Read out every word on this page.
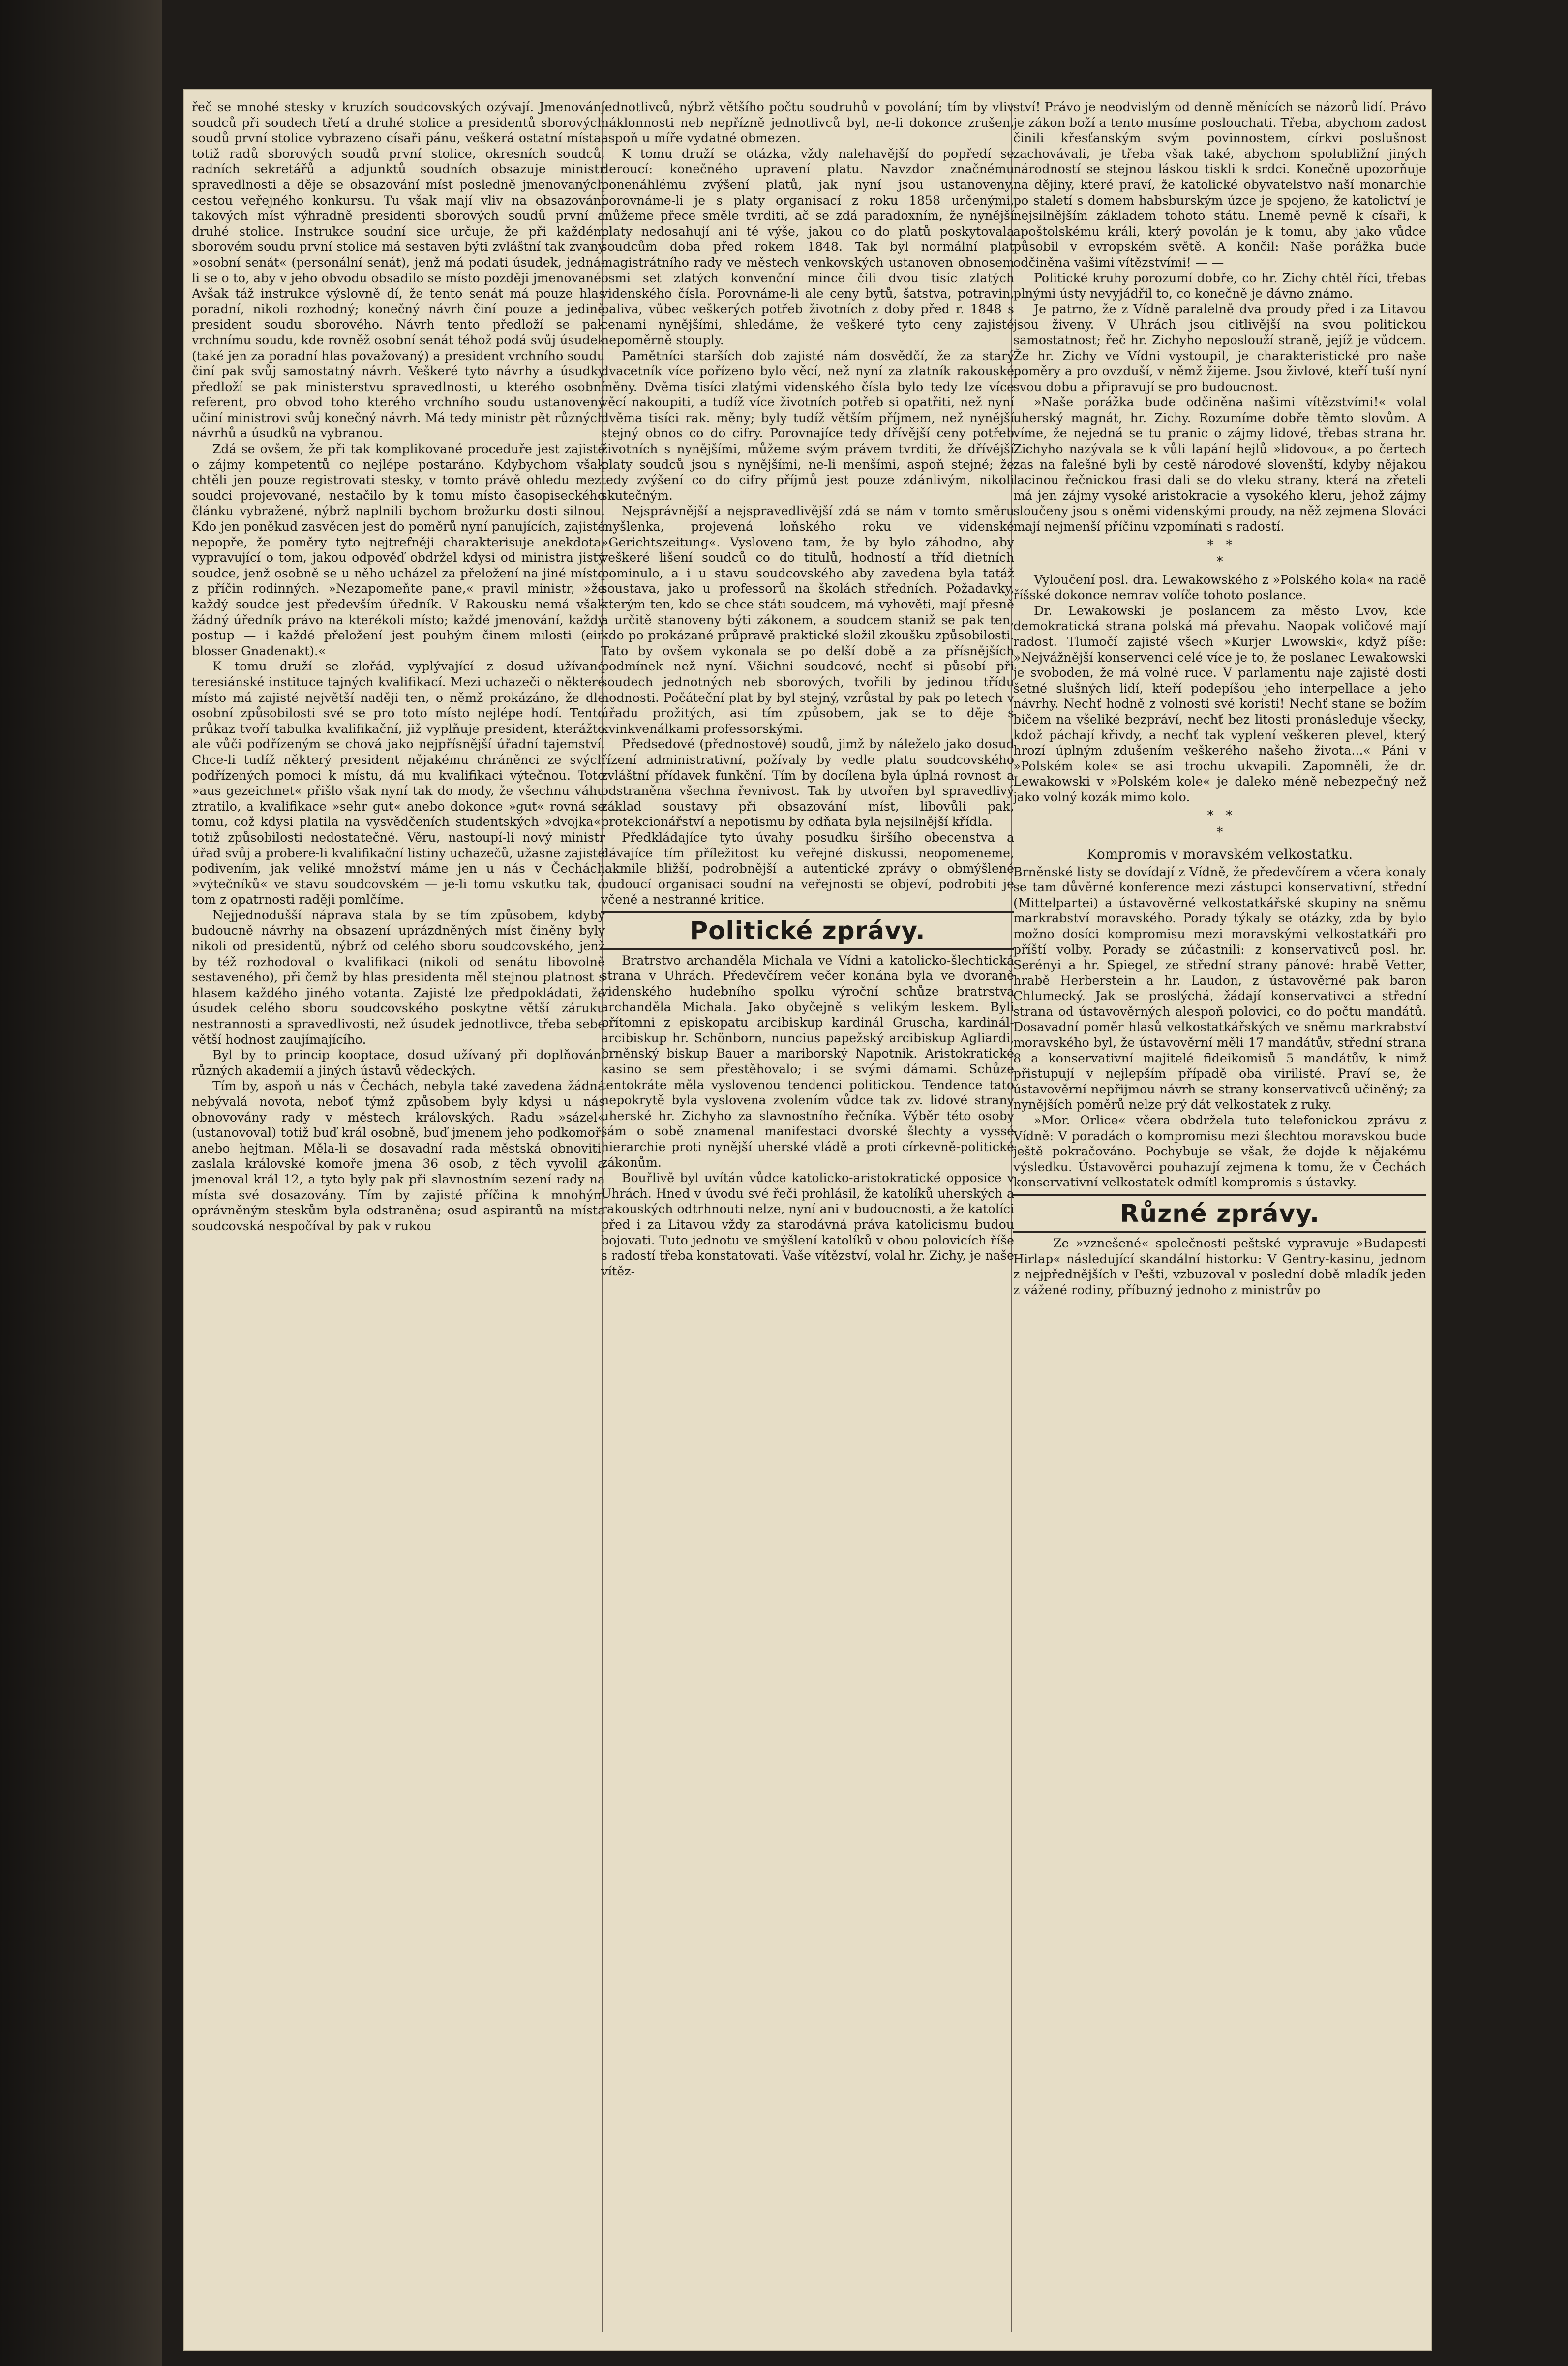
řeč se mnohé stesky v kruzích soudcovských ozývají. Jmenování soudců při soudech třetí a druhé stolice a presidentů sborových soudů první stolice vybrazeno císaři pánu, veškerá ostatní místa, totiž radů sborových soudů první stolice, okresních soudců, radních sekretářů a adjunktů soudních obsazuje ministr spravedlnosti a děje se obsazování míst posledně jmenovaných cestou veřejného konkursu. Tu však mají vliv na obsazování takových míst výhradně presidenti sborových soudů první a druhé stolice. Instrukce soudní sice určuje, že při každém sborovém soudu první stolice má sestaven býti zvláštní tak zvaný »osobní senát« (personální senát), jenž má podati úsudek, jedná-li se o to, aby v jeho obvodu obsadilo se místo později jmenované. Avšak táž instrukce výslovně dí, že tento senát má pouze hlas poradní, nikoli rozhodný; konečný návrh činí pouze a jedině president soudu sborového. Návrh tento předloží se pak vrchnímu soudu, kde rovněž osobní senát téhož podá svůj úsudek (také jen za poradní hlas považovaný) a president vrchního soudu činí pak svůj samostatný návrh. Veškeré tyto návrhy a úsudky předloží se pak ministerstvu spravedlnosti, u kterého osobní referent, pro obvod toho kterého vrchního soudu ustanovený učiní ministrovi svůj konečný návrh. Má tedy ministr pět různých návrhů a úsudků na vybranou.

Zdá se ovšem, že při tak komplikované proceduře jest zajisté o zájmy kompetentů co nejlépe postaráno. Kdybychom však chtěli jen pouze registrovati stesky, v tomto právě ohledu mezi soudci projevované, nestačilo by k tomu místo časopiseckého článku vybražené, nýbrž naplnili bychom brožurku dosti silnou. Kdo jen poněkud zasvěcen jest do poměrů nyní panujících, zajisté nepopře, že poměry tyto nejtrefněji charakterisuje anekdota, vypravující o tom, jakou odpověď obdržel kdysi od ministra jistý soudce, jenž osobně se u něho ucházel za přeložení na jiné místo z příčin rodinných. »Nezapomeňte pane,« pravil ministr, »že každý soudce jest především úředník. V Rakousku nemá však žádný úředník právo na kterékoli místo; každé jmenování, každý postup — i každé přeložení jest pouhým činem milosti (ein blosser Gnadenakt).«

K tomu druží se zlořád, vyplývající z dosud užívané teresiánské instituce tajných kvalifikací. Mezi uchazeči o některé místo má zajisté největší naději ten, o němž prokázáno, že dle osobní způsobilosti své se pro toto místo nejlépe hodí. Tento průkaz tvoří tabulka kvalifikační, již vyplňuje president, kterážto ale vůči podřízeným se chová jako nejpřísnější úřadní tajemství. Chce-li tudíž některý president nějakému chráněnci ze svých podřízených pomoci k místu, dá mu kvalifikaci výtečnou. Toto »aus gezeichnet« přišlo však nyní tak do mody, že všechnu váhu ztratilo, a kvalifikace »sehr gut« anebo dokonce »gut« rovná se tomu, což kdysi platila na vysvědčeních studentských »dvojka«, totiž způsobilosti nedostatečné. Věru, nastoupí-li nový ministr úřad svůj a probere-li kvalifikační listiny uchazečů, užasne zajisté podivením, jak veliké množství máme jen u nás v Čechách »výtečníků« ve stavu soudcovském — je-li tomu vskutku tak, o tom z opatrnosti raději pomlčíme.

Nejjednodušší náprava stala by se tím způsobem, kdyby budoucně návrhy na obsazení uprázdněných míst činěny byly nikoli od presidentů, nýbrž od celého sboru soudcovského, jenž by též rozhodoval o kvalifikaci (nikoli od senátu libovolně sestaveného), při čemž by hlas presidenta měl stejnou platnost s hlasem každého jiného votanta. Zajisté lze předpokládati, že úsudek celého sboru soudcovského poskytne větší záruku nestrannosti a spravedlivosti, než úsudek jednotlivce, třeba sebe větší hodnost zaujímajícího.

Byl by to princip kooptace, dosud užívaný při doplňování různých akademií a jiných ústavů vědeckých.

Tím by, aspoň u nás v Čechách, nebyla také zavedena žádná nebývalá novota, neboť týmž způsobem byly kdysi u nás obnovovány rady v městech královských. Radu »sázel« (ustanovoval) totiž buď král osobně, buď jmenem jeho podkomoří anebo hejtman. Měla-li se dosavadní rada městská obnoviti, zaslala královské komoře jmena 36 osob, z těch vyvolil a jmenoval král 12, a tyto byly pak při slavnostním sezení rady na místa své dosazovány. Tím by zajisté příčina k mnohým oprávněným steskům byla odstraněna; osud aspirantů na místa soudcovská nespočíval by pak v rukou

jednotlivců, nýbrž většího počtu soudruhů v povolání; tím by vliv náklonnosti neb nepřízně jednotlivců byl, ne-li dokonce zrušen, aspoň u míře vydatné obmezen.

K tomu druží se otázka, vždy nalehavější do popředí se deroucí: konečného upravení platu. Navzdor značnému ponenáhlému zvýšení platů, jak nyní jsou ustanoveny, porovnáme-li je s platy organisací z roku 1858 určenými, můžeme přece směle tvrditi, ač se zdá paradoxním, že nynější platy nedosahují ani té výše, jakou co do platů poskytovala soudcům doba před rokem 1848. Tak byl normální plat magistrátního rady ve městech venkovských ustanoven obnosem osmi set zlatých konvenční mince čili dvou tisíc zlatých videnského čísla. Porovnáme-li ale ceny bytů, šatstva, potravin, paliva, vůbec veškerých potřeb životních z doby před r. 1848 s cenami nynějšími, shledáme, že veškeré tyto ceny zajisté nepoměrně stouply.

Pamětníci starších dob zajisté nám dosvědčí, že za starý dvacetník více pořízeno bylo věcí, než nyní za zlatník rakouské měny. Dvěma tisíci zlatými videnského čísla bylo tedy lze více věcí nakoupiti, a tudíž více životních potřeb si opatřiti, než nyní dvěma tisíci rak. měny; byly tudíž větším příjmem, než nynější stejný obnos co do cifry. Porovnajíce tedy dřívější ceny potřeb životních s nynějšími, můžeme svým právem tvrditi, že dřívější platy soudců jsou s nynějšími, ne-li menšími, aspoň stejné; že tedy zvýšení co do cifry příjmů jest pouze zdánlivým, nikoli skutečným.

Nejsprávnější a nejspravedlivější zdá se nám v tomto směru myšlenka, projevená loňského roku ve videnské »Gerichtszeitung«. Vysloveno tam, že by bylo záhodno, aby veškeré lišení soudců co do titulů, hodností a tříd dietních pominulo, a i u stavu soudcovského aby zavedena byla tatáž soustava, jako u professorů na školách středních. Požadavky, kterým ten, kdo se chce státi soudcem, má vyhověti, mají přesně a určitě stanoveny býti zákonem, a soudcem staniž se pak ten, kdo po prokázané průpravě praktické složil zkoušku způsobilosti. Tato by ovšem vykonala se po delší době a za přísnějších podmínek než nyní. Všichni soudcové, nechť si působí při soudech jednotných neb sborových, tvořili by jedinou třídu hodnosti. Počáteční plat by byl stejný, vzrůstal by pak po letech v úřadu prožitých, asi tím způsobem, jak se to děje s kvinkvenálkami professorskými.

Předsedové (přednostové) soudů, jimž by náleželo jako dosud řízení administrativní, požívaly by vedle platu soudcovského zvláštní přídavek funkční. Tím by docílena byla úplná rovnost a odstraněna všechna řevnivost. Tak by utvořen byl spravedlivý základ soustavy při obsazování míst, libovůli pak, protekcionářství a nepotismu by odňata byla nejsilnější křídla.

Předkládajíce tyto úvahy posudku širšího obecenstva a dávajíce tím příležitost ku veřejné diskussi, neopomeneme, jakmile bližší, podrobnější a autentické zprávy o obmýšlené budoucí organisaci soudní na veřejnosti se objeví, podrobiti je včeně a nestranné kritice.

Politické zprávy.

Bratrstvo archanděla Michala ve Vídni a katolicko-šlechtická strana v Uhrách. Předevčírem večer konána byla ve dvoraně videnského hudebního spolku výroční schůze bratrstva archanděla Michala. Jako obyčejně s velikým leskem. Byli přítomni z episkopatu arcibiskup kardinál Gruscha, kardinál-arcibiskup hr. Schönborn, nuncius papežský arcibiskup Agliardi, brněnský biskup Bauer a mariborský Napotnik. Aristokratické kasino se sem přestěhovalo; i se svými dámami. Schůze tentokráte měla vyslovenou tendenci politickou. Tendence tato nepokrytě byla vyslovena zvolením vůdce tak zv. lidové strany uherské hr. Zichyho za slavnostního řečníka. Výběr této osoby sám o sobě znamenal manifestaci dvorské šlechty a vyssé hierarchie proti nynější uherské vládě a proti církevně-politické zákonům.

Bouřlivě byl uvítán vůdce katolicko-aristokratické opposice v Uhrách. Hned v úvodu své řeči prohlásil, že katolíků uherských a rakouských odtrhnouti nelze, nyní ani v budoucnosti, a že katolíci před i za Litavou vždy za starodávná práva katolicismu budou bojovati. Tuto jednotu ve smýšlení katolíků v obou polovicích říše s radostí třeba konstatovati. Vaše vítězství, volal hr. Zichy, je naše vítěz-

ství! Právo je neodvislým od denně měnících se názorů lidí. Právo je zákon boží a tento musíme poslouchati. Třeba, abychom zadost činili křesťanským svým povinnostem, církvi poslušnost zachovávali, je třeba však také, abychom spolubližní jiných národností se stejnou láskou tiskli k srdci. Konečně upozorňuje na dějiny, které praví, že katolické obyvatelstvo naší monarchie po staletí s domem habsburským úzce je spojeno, že katolictví je nejsilnějším základem tohoto státu. Lnemě pevně k císaři, k apoštolskému králi, který povolán je k tomu, aby jako vůdce působil v evropském světě. A končil: Naše porážka bude odčiněna vašimi vítězstvími! — —

Politické kruhy porozumí dobře, co hr. Zichy chtěl říci, třebas plnými ústy nevyjádřil to, co konečně je dávno známo.

Je patrno, že z Vídně paralelně dva proudy před i za Litavou jsou živeny. V Uhrách jsou citlivější na svou politickou samostatnost; řeč hr. Zichyho neposlouží straně, jejíž je vůdcem. Že hr. Zichy ve Vídni vystoupil, je charakteristické pro naše poměry a pro ovzduší, v němž žijeme. Jsou živlové, kteří tuší nyní svou dobu a připravují se pro budoucnost.

»Naše porážka bude odčiněna našimi vítězstvími!« volal uherský magnát, hr. Zichy. Rozumíme dobře těmto slovům. A víme, že nejedná se tu pranic o zájmy lidové, třebas strana hr. Zichyho nazývala se k vůli lapání hejlů »lidovou«, a po čertech zas na falešné byli by cestě národové slovenští, kdyby nějakou lacinou řečnickou frasi dali se do vleku strany, která na zřeteli má jen zájmy vysoké aristokracie a vysokého kleru, jehož zájmy sloučeny jsou s oněmi videnskými proudy, na něž zejmena Slováci mají nejmenší příčinu vzpomínati s radostí.

*   *
*

Vyloučení posl. dra. Lewakowského z »Polského kola« na radě říšské dokonce nemrav volíče tohoto poslance.

Dr. Lewakowski je poslancem za město Lvov, kde demokratická strana polská má převahu. Naopak voličové mají radost. Tlumočí zajisté všech »Kurjer Lwowski«, když píše: »Nejvážnější konservenci celé více je to, že poslanec Lewakowski je svoboden, že má volné ruce. V parlamentu naje zajisté dosti šetné slušných lidí, kteří podepíšou jeho interpellace a jeho návrhy. Nechť hodně z volnosti své koristi! Nechť stane se božím bičem na všeliké bezpráví, nechť bez litosti pronásleduje všecky, kdož páchají křivdy, a nechť tak vyplení veškeren plevel, který hrozí úplným zdušením veškerého našeho života...« Páni v »Polském kole« se asi trochu ukvapili. Zapomněli, že dr. Lewakowski v »Polském kole« je daleko méně nebezpečný než jako volný kozák mimo kolo.

*   *
*
Kompromis v moravském velkostatku.

Brněnské listy se dovídají z Vídně, že předevčírem a včera konaly se tam důvěrné konference mezi zástupci konservativní, střední (Mittelpartei) a ústavověrné velkostatkářské skupiny na sněmu markrabství moravského. Porady týkaly se otázky, zda by bylo možno dosíci kompromisu mezi moravskými velkostatkáři pro příští volby. Porady se zúčastnili: z konservativců posl. hr. Serényi a hr. Spiegel, ze střední strany pánové: hrabě Vetter, hrabě Herberstein a hr. Laudon, z ústavověrné pak baron Chlumecký. Jak se proslýchá, žádají konservativci a střední strana od ústavověrných alespoň polovici, co do počtu mandátů. Dosavadní poměr hlasů velkostatkářských ve sněmu markrabství moravského byl, že ústavověrní měli 17 mandátův, střední strana 8 a konservativní majitelé fideikomisů 5 mandátův, k nimž přistupují v nejlepším případě oba virilisté. Praví se, že ústavověrní nepřijmou návrh se strany konservativců učiněný; za nynějších poměrů nelze prý dát velkostatek z ruky.

»Mor. Orlice« včera obdržela tuto telefonickou zprávu z Vídně: V poradách o kompromisu mezi šlechtou moravskou bude ještě pokračováno. Pochybuje se však, že dojde k nějakému výsledku. Ústavověrci pouhazují zejmena k tomu, že v Čechách konservativní velkostatek odmítl kompromis s ústavky.

Různé zprávy.

— Ze »vznešené« společnosti peštské vypravuje »Budapesti Hirlap« následující skandální historku: V Gentry-kasinu, jednom z nejpřednějších v Pešti, vzbuzoval v poslední době mladík jeden z vážené rodiny, příbuzný jednoho z ministrův po
